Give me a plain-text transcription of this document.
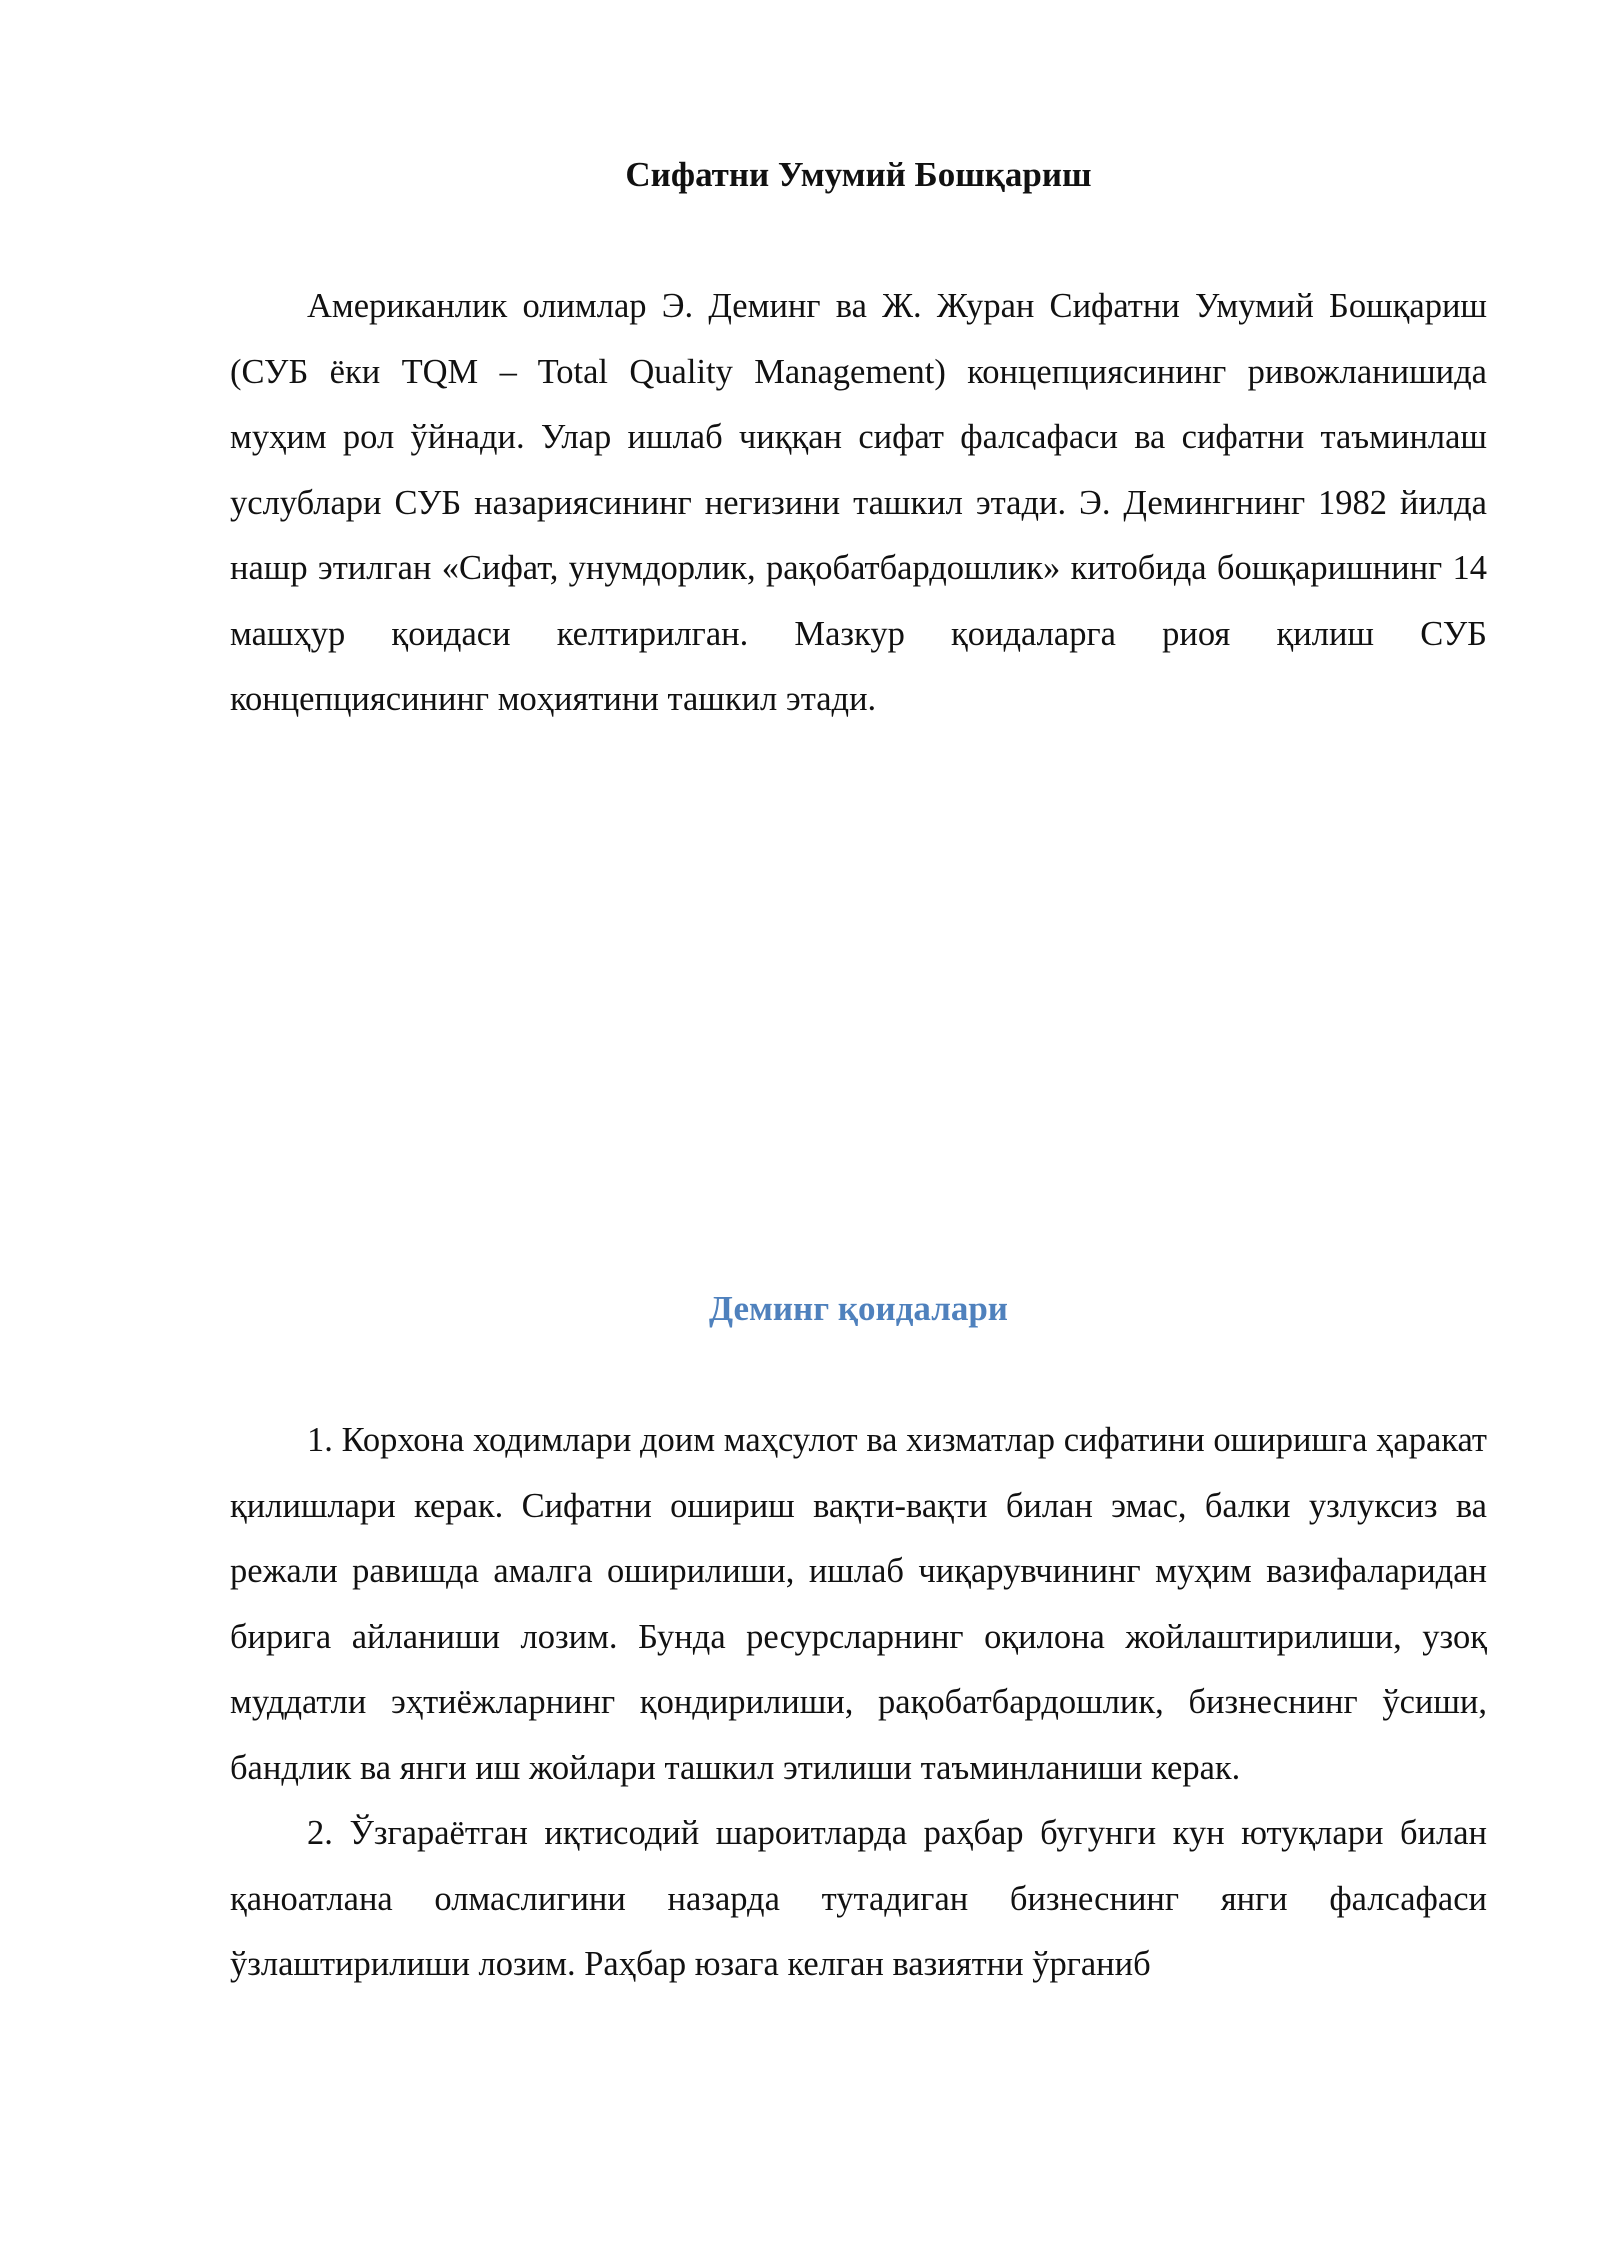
Сифатни Умумий Бошқариш

Американлик олимлар Э. Деминг ва Ж. Журан Сифатни Умумий Бошқариш (СУБ ёки TQM – Total Quality Management) концепциясининг ривожланишида муҳим рол ўйнади. Улар ишлаб чиққан сифат фалсафаси ва сифатни таъминлаш услублари СУБ назариясининг негизини ташкил этади. Э. Демингнинг 1982 йилда нашр этилган «Сифат, унумдорлик, рақобатбардошлик» китобида бошқаришнинг 14 машҳур қоидаси келтирилган. Мазкур қоидаларга риоя қилиш СУБ концепциясининг моҳиятини ташкил этади.

Деминг қоидалари

1. Корхона ходимлари доим маҳсулот ва хизматлар сифатини оширишга ҳаракат қилишлари керак. Сифатни ошириш вақти-вақти билан эмас, балки узлуксиз ва режали равишда амалга оширилиши, ишлаб чиқарувчининг муҳим вазифаларидан бирига айланиши лозим. Бунда ресурсларнинг оқилона жойлаштирилиши, узоқ муддатли эҳтиёжларнинг қондирилиши, рақобатбардошлик, бизнеснинг ўсиши, бандлик ва янги иш жойлари ташкил этилиши таъминланиши керак.

2. Ўзгараётган иқтисодий шароитларда раҳбар бугунги кун ютуқлари билан қаноатлана олмаслигини назарда тутадиган бизнеснинг янги фалсафаси ўзлаштирилиши лозим. Раҳбар юзага келган вазиятни ўрганиб
